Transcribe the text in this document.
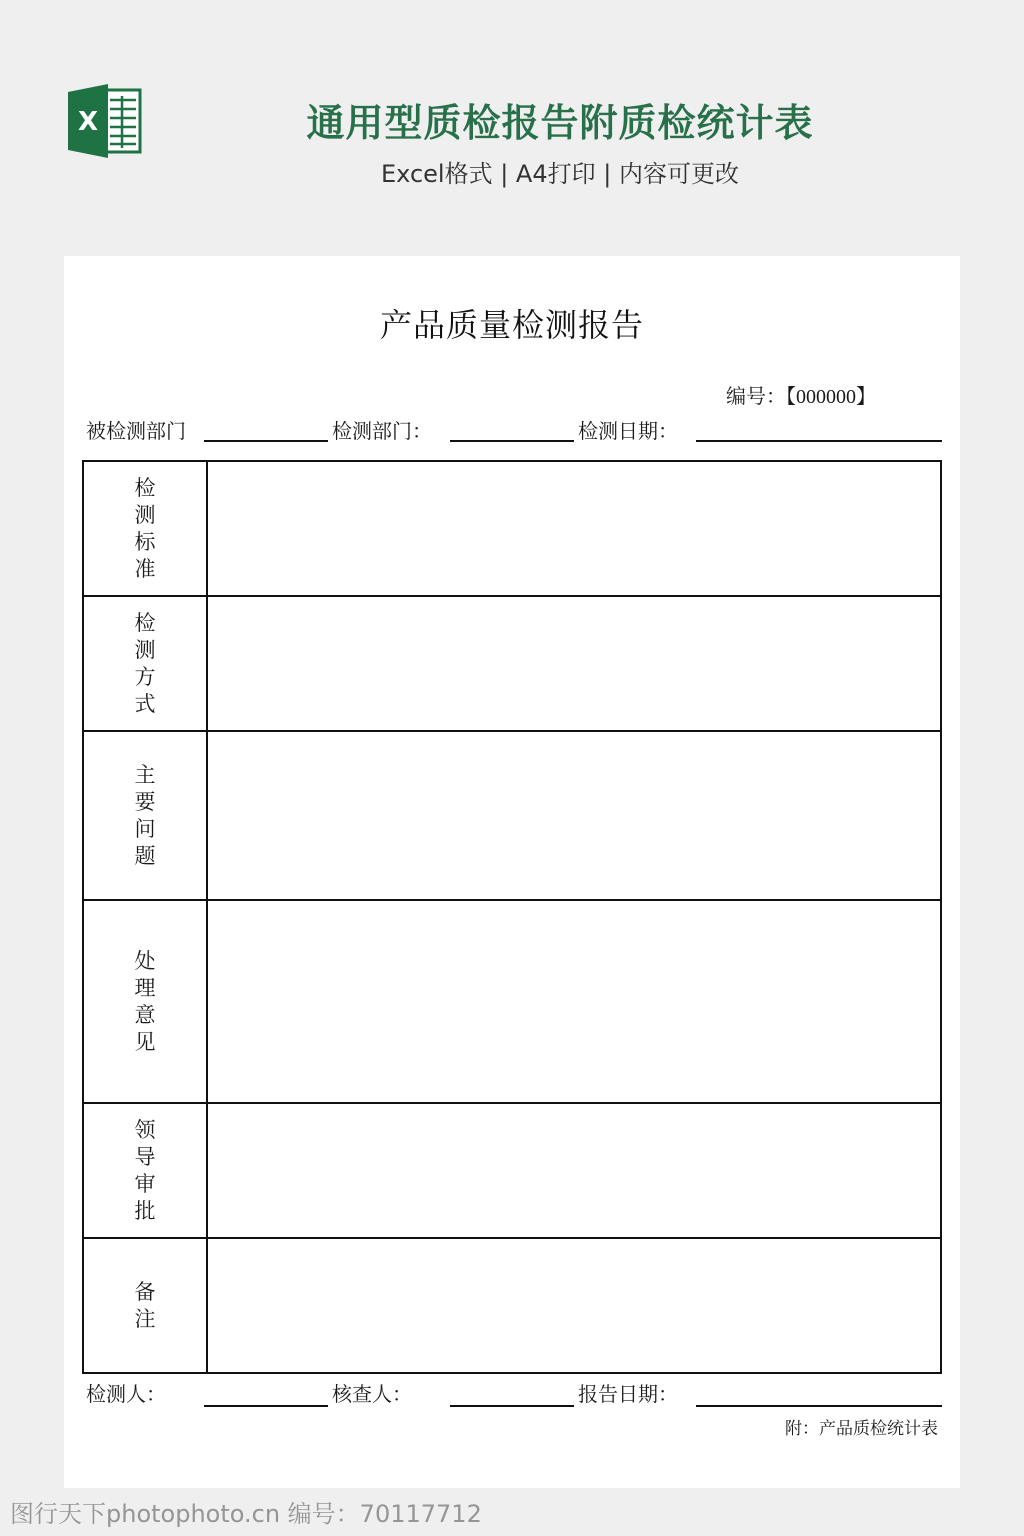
X	通用型质检报告附质检统计表
Excel格式 | A4打印 | 内容可更改
产品质量检测报告
编号：【000000】
被检测部门	检测部门：	检测日期：
检测标准	
检测方式	
主要问题	
处理意见	
领导审批	
备注	
检测人：	核查人：	报告日期：
附：产品质检统计表
图行天下photophoto.cn 编号：70117712
